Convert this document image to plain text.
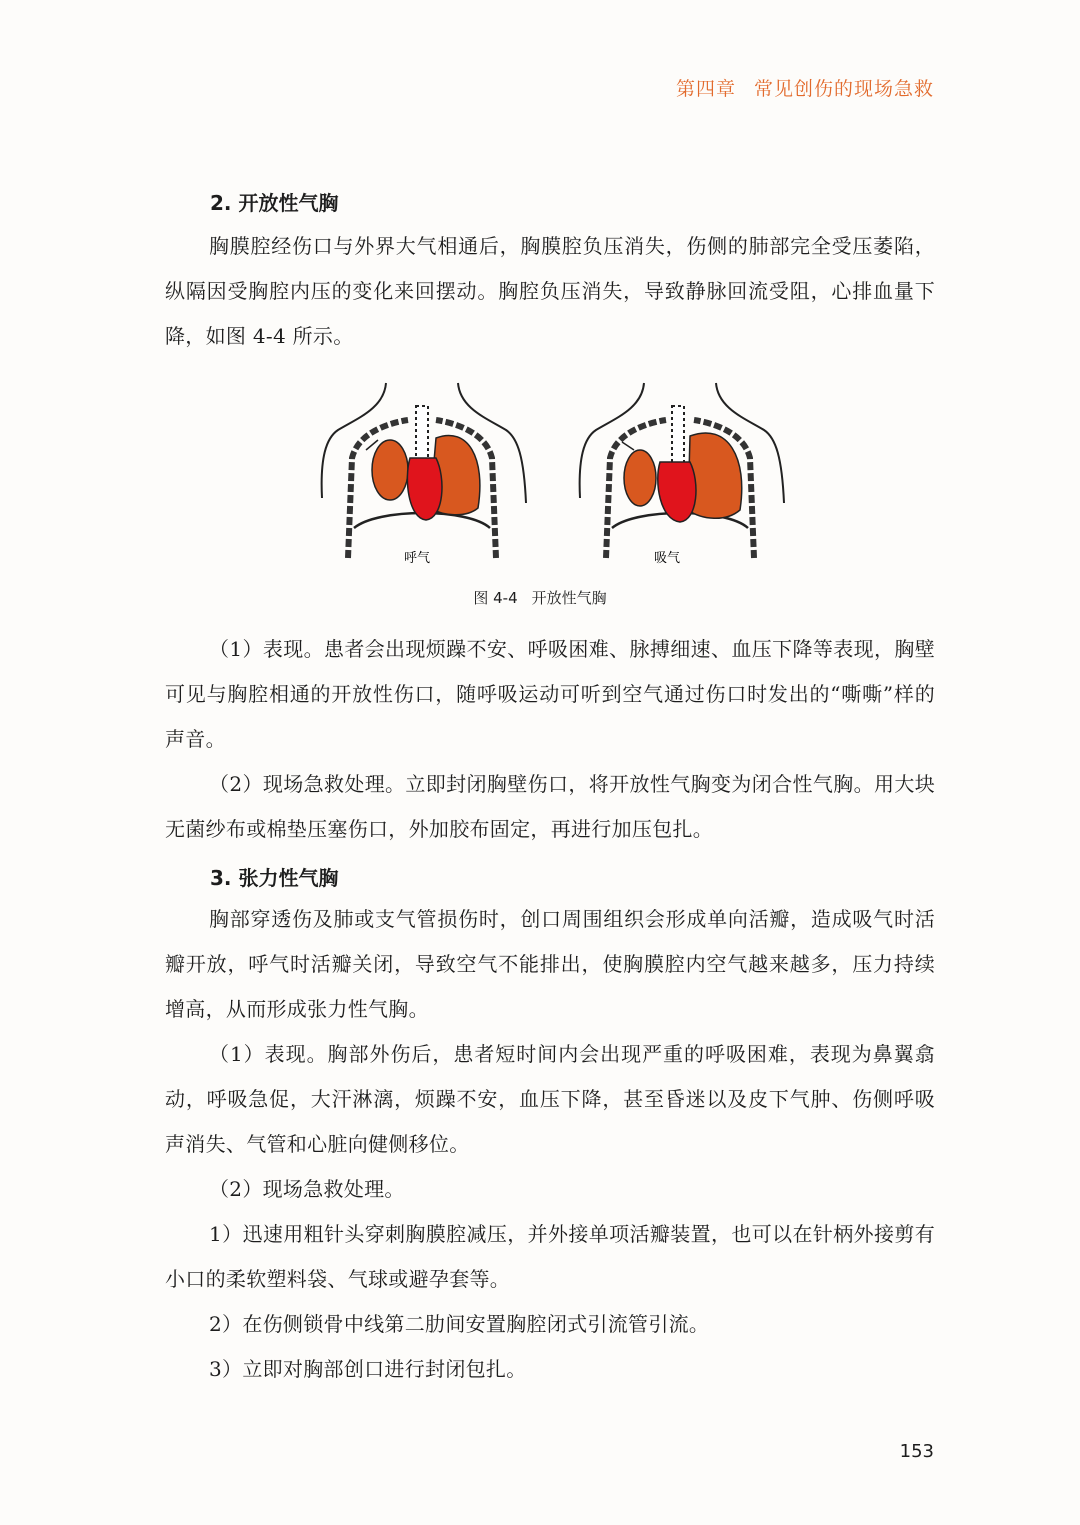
第四章 常见创伤的现场急救
2. 开放性气胸

胸膜腔经伤口与外界大气相通后，胸膜腔负压消失，伤侧的肺部完全受压萎陷，纵隔因受胸腔内压的变化来回摆动。胸腔负压消失，导致静脉回流受阻，心排血量下降，如图 4-4 所示。

（1）表现。患者会出现烦躁不安、呼吸困难、脉搏细速、血压下降等表现，胸壁可见与胸腔相通的开放性伤口，随呼吸运动可听到空气通过伤口时发出的“嘶嘶”样的声音。

（2）现场急救处理。立即封闭胸壁伤口，将开放性气胸变为闭合性气胸。用大块无菌纱布或棉垫压塞伤口，外加胶布固定，再进行加压包扎。

3. 张力性气胸

胸部穿透伤及肺或支气管损伤时，创口周围组织会形成单向活瓣，造成吸气时活瓣开放，呼气时活瓣关闭，导致空气不能排出，使胸膜腔内空气越来越多，压力持续增高，从而形成张力性气胸。

（1）表现。胸部外伤后，患者短时间内会出现严重的呼吸困难，表现为鼻翼翕动，呼吸急促，大汗淋漓，烦躁不安，血压下降，甚至昏迷以及皮下气肿、伤侧呼吸声消失、气管和心脏向健侧移位。

（2）现场急救处理。

1）迅速用粗针头穿刺胸膜腔减压，并外接单项活瓣装置，也可以在针柄外接剪有小口的柔软塑料袋、气球或避孕套等。

2）在伤侧锁骨中线第二肋间安置胸腔闭式引流管引流。

3）立即对胸部创口进行封闭包扎。

呼气	吸气
图 4-4 开放性气胸
153
